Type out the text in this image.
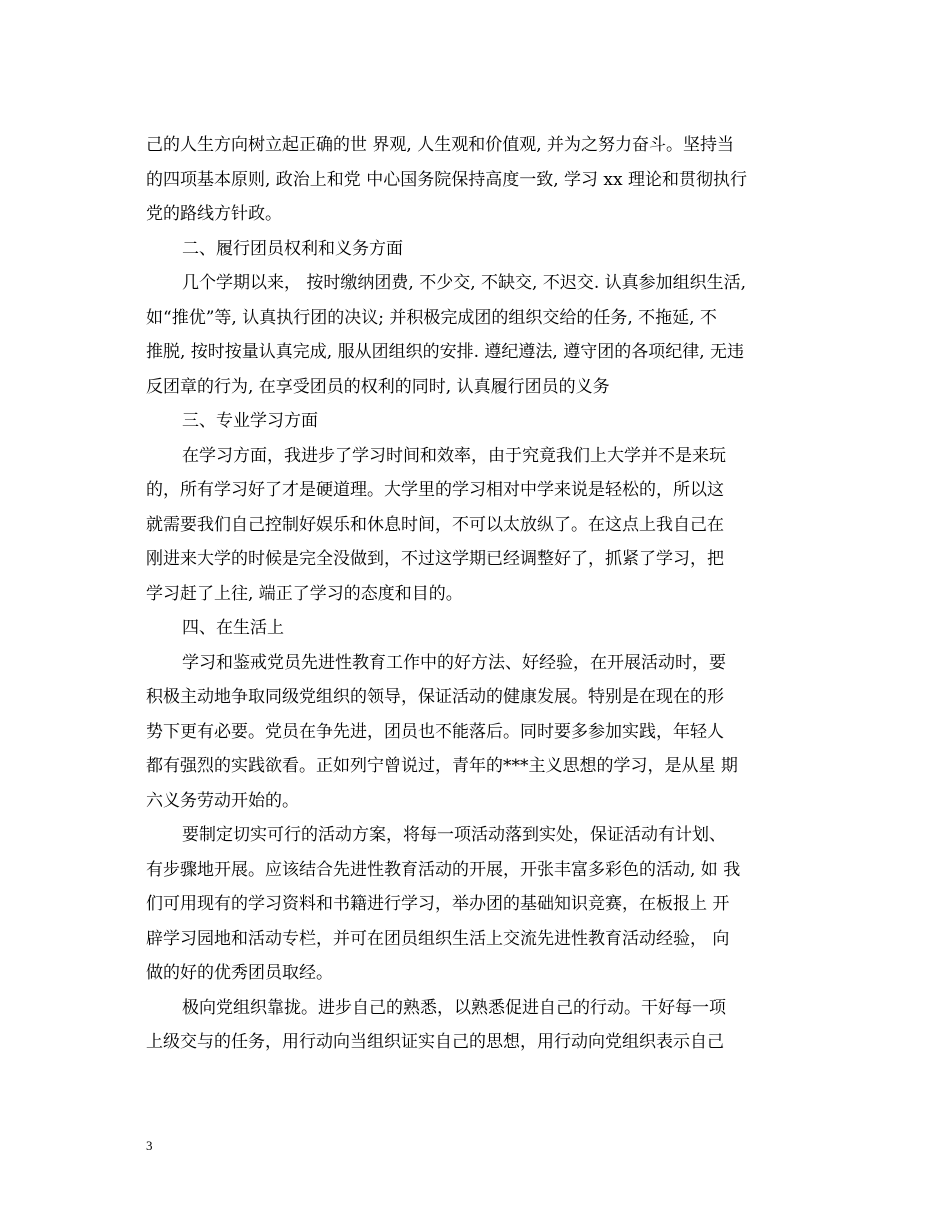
己的人生方向树立起正确的世 界观, 人生观和价值观, 并为之努力奋斗。坚持当
的四项基本原则, 政治上和党 中心国务院保持高度一致, 学习 xx 理论和贯彻执行
党的路线方针政。
二、履行团员权利和义务方面
几个学期以来， 按时缴纳团费, 不少交, 不缺交, 不迟交. 认真参加组织生活,
如“推优”等, 认真执行团的决议; 并积极完成团的组织交给的任务, 不拖延, 不
推脱, 按时按量认真完成, 服从团组织的安排. 遵纪遵法, 遵守团的各项纪律, 无违
反团章的行为, 在享受团员的权利的同时, 认真履行团员的义务
三、专业学习方面
在学习方面，我进步了学习时间和效率，由于究竟我们上大学并不是来玩
的，所有学习好了才是硬道理。大学里的学习相对中学来说是轻松的，所以这
就需要我们自己控制好娱乐和休息时间，不可以太放纵了。在这点上我自己在
刚进来大学的时候是完全没做到，不过这学期已经调整好了，抓紧了学习，把
学习赶了上往, 端正了学习的态度和目的。
四、在生活上
学习和鉴戒党员先进性教育工作中的好方法、好经验，在开展活动时，要
积极主动地争取同级党组织的领导，保证活动的健康发展。特别是在现在的形
势下更有必要。党员在争先进，团员也不能落后。同时要多参加实践，年轻人
都有强烈的实践欲看。正如列宁曾说过，青年的***主义思想的学习，是从星 期
六义务劳动开始的。
要制定切实可行的活动方案，将每一项活动落到实处，保证活动有计划、
有步骤地开展。应该结合先进性教育活动的开展，开张丰富多彩色的活动, 如 我
们可用现有的学习资料和书籍进行学习，举办团的基础知识竞赛，在板报上 开
辟学习园地和活动专栏，并可在团员组织生活上交流先进性教育活动经验， 向
做的好的优秀团员取经。
极向党组织靠拢。进步自己的熟悉，以熟悉促进自己的行动。干好每一项
上级交与的任务，用行动向当组织证实自己的思想，用行动向党组织表示自己
3
